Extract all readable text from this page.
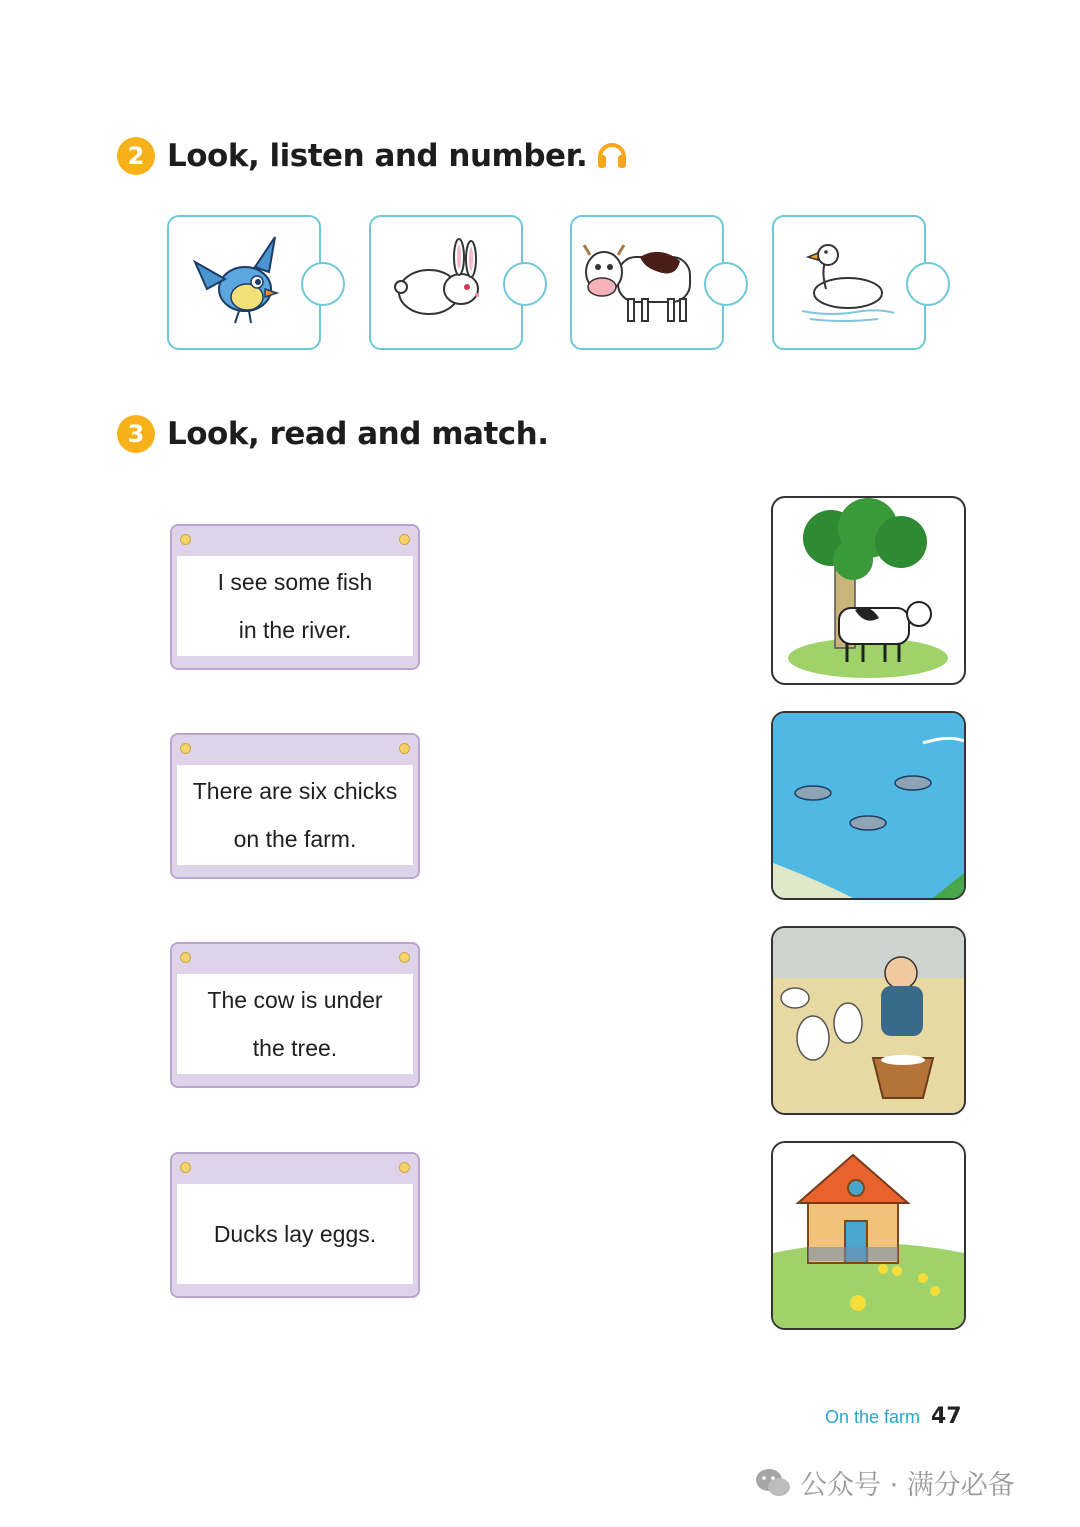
2 Look, listen and number.
3 Look, read and match.
I see some fish
in the river.
There are six chicks
on the farm.
The cow is under
the tree.
Ducks lay eggs.
On the farm 47
公众号 · 满分必备
